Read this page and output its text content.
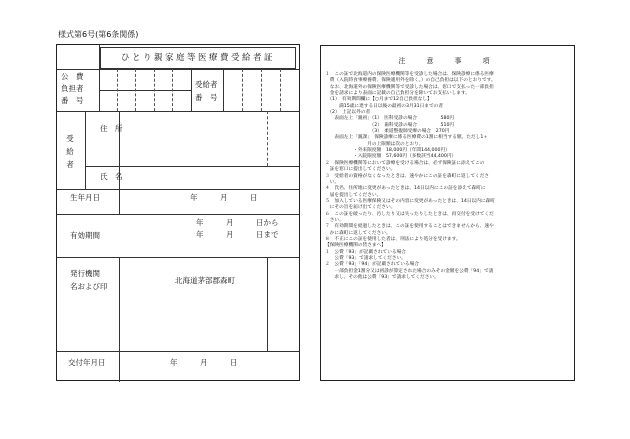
様式第6号(第6条関係)
ひとり親家庭等医療費受給者証
公　費
負担者
番　号
受給者
番　号
受
給
者
住　所
氏　名
生年月日	年　　　月　　　日
有効期間
年　　　月　　　日から
年　　　月　　　日まで
発行機関
名および印
北海道茅部郡森町
交付年月日	年　　　月　　　日
注　意　事　項

１　この証で北海道内の保険医療機関等を受診した場合は、保険診療に係る医療

　費（入院時食事療養費、保険適用外を除く。）の自己負担は以下のとおりです。

　なお、北海道外の保険医療機関等で受診した場合は、窓口で支払った一部負担

　金を請求により表面に記載の自己負担分を除いてお支払いします。

　（1）　有効期間欄に【○月まで12自己負担なし】

　　　満15歳に達する日以後の最初の3月31日までの者

　（2）　上記以外の者

　　表面左上「親初」（1）　医科受診の場合　　　　　580円

　　　　　　　　　　（2）　歯科受診の場合　　　　　510円

　　　　　　　　　　（3）　柔道整復師受療の場合　270円

　　表面左上「親課」　保険診療に係る医療費の1割に相当する額。ただし1ヶ

　　　　　　　　　月の上限額は次のとおり。

　　　　　　・外来限度額　18,000円（年間144,000円）

　　　　　　・入院限度額　57,600円（多数該当44,400円）

２　保険医療機関等において診療を受ける場合は、必ず保険証に添えてこの

　証を窓口に提出してください。

３　受給者の資格がなくなったときは、速やかにこの証を森町に返してくださ

　い。

４　氏名、住所地に変更があったときは、14日以内にこの証を添えて森町に

　届を提出してください。

５　加入している医療保険又はその内容に変更があったときは、14日以内に森町

　にその旨を届け出てください。

６　この証を破ったり、汚したり又は失ったりしたときは、再交付を受けてくだ

　さい。

７　有効期間を経過したときは、この証を使用することはできませんから、速や

　かに森町に返してください。

８　不正にこの証を使用した者は、刑法により処分を受けます。

【保険医療機関の皆さまへ】

１　公費「93」が記載されている場合

　　公費「93」で請求してください。

２　公費「93」「94」が記載されている場合

　　一部負担金1割分又は初診が算定された場合のみその金額を公費「94」で請

　　求し、その他は公費「93」で請求してください。
